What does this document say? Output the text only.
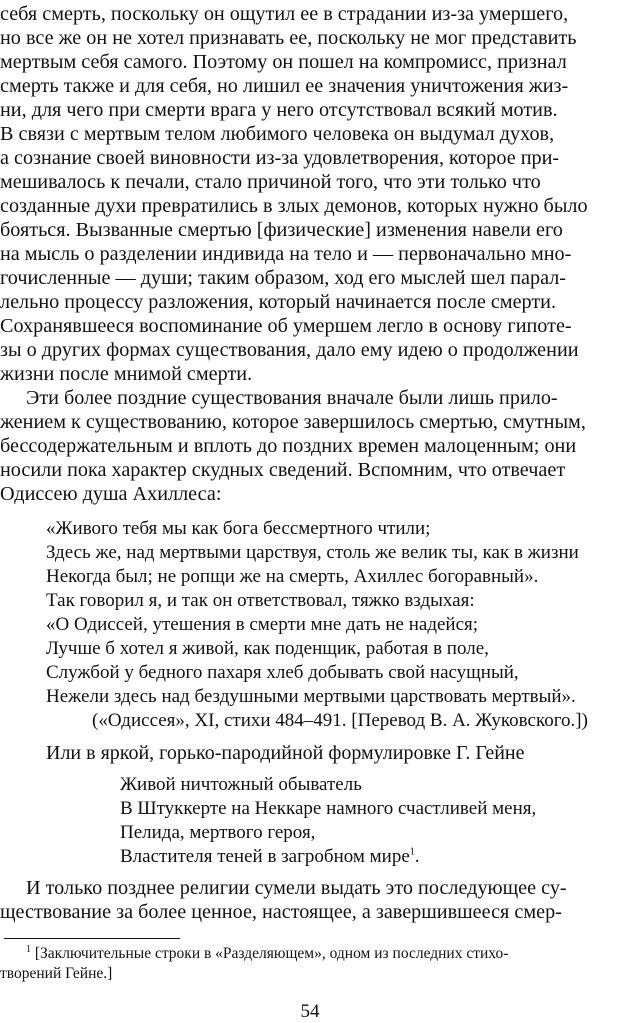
себя смерть, поскольку он ощутил ее в страдании из-за умершего,
но все же он не хотел признавать ее, поскольку не мог представить
мертвым себя самого. Поэтому он пошел на компромисс, признал
смерть также и для себя, но лишил ее значения уничтожения жиз-
ни, для чего при смерти врага у него отсутствовал всякий мотив.
В связи с мертвым телом любимого человека он выдумал духов,
а сознание своей виновности из-за удовлетворения, которое при-
мешивалось к печали, стало причиной того, что эти только что
созданные духи превратились в злых демонов, которых нужно было
бояться. Вызванные смертью [физические] изменения навели его
на мысль о разделении индивида на тело и — первоначально мно-
гочисленные — души; таким образом, ход его мыслей шел парал-
лельно процессу разложения, который начинается после смерти.
Сохранявшееся воспоминание об умершем легло в основу гипоте-
зы о других формах существования, дало ему идею о продолжении
жизни после мнимой смерти.
Эти более поздние существования вначале были лишь прило-
жением к существованию, которое завершилось смертью, смутным,
бессодержательным и вплоть до поздних времен малоценным; они
носили пока характер скудных сведений. Вспомним, что отвечает
Одиссею душа Ахиллеса:
«Живого тебя мы как бога бессмертного чтили;
Здесь же, над мертвыми царствуя, столь же велик ты, как в жизни
Некогда был; не ропщи же на смерть, Ахиллес богоравный».
Так говорил я, и так он ответствовал, тяжко вздыхая:
«О Одиссей, утешения в смерти мне дать не надейся;
Лучше б хотел я живой, как поденщик, работая в поле,
Службой у бедного пахаря хлеб добывать свой насущный,
Нежели здесь над бездушными мертвыми царствовать мертвый».
(«Одиссея», XI, стихи 484–491. [Перевод В. А. Жуковского.])
Или в яркой, горько-пародийной формулировке Г. Гейне
Живой ничтожный обыватель
В Штуккерте на Неккаре намного счастливей меня,
Пелида, мертвого героя,
Властителя теней в загробном мире$^1$.
И только позднее религии сумели выдать это последующее су-
ществование за более ценное, настоящее, а завершившееся смер-
$^1$ [Заключительные строки в «Разделяющем», одном из последних стихо-
творений Гейне.]
54
